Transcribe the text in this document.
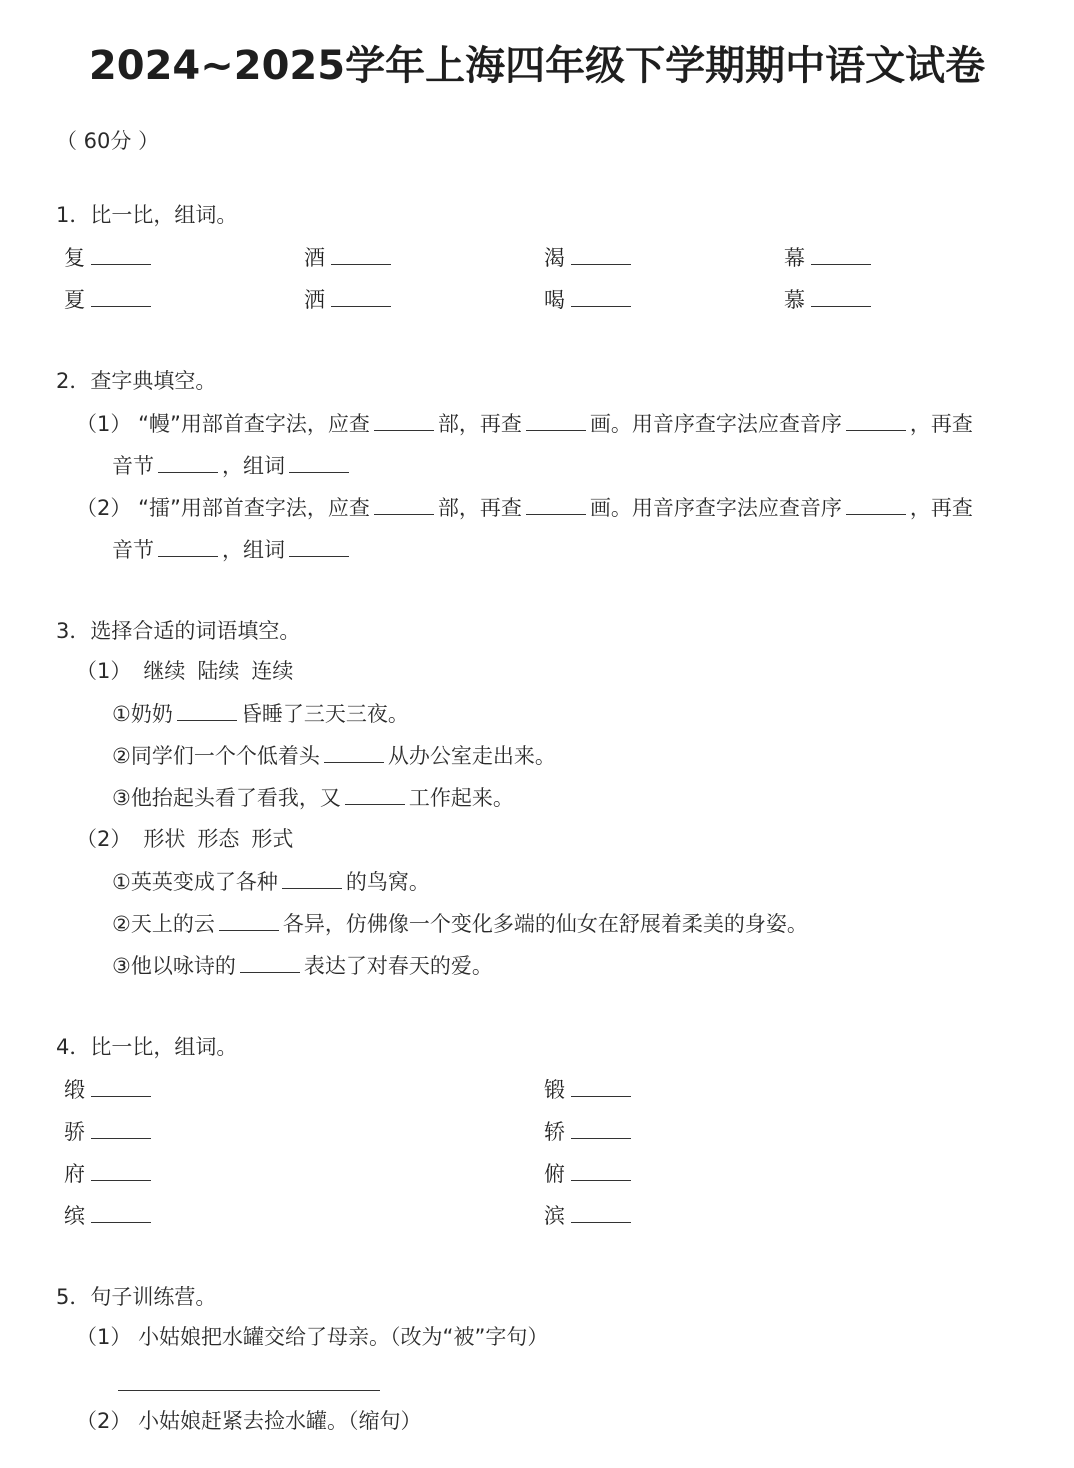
2024~2025学年上海四年级下学期期中语文试卷
（ 60分 ）
1．比一比，组词。
复	酒	渴	幕
夏	洒	喝	慕
2．查字典填空。
（1） “幔”用部首查字法，应查	部，再查	画。用音序查字法应查音序	，再查
音节	，组词
（2） “擂”用部首查字法，应查	部，再查	画。用音序查字法应查音序	，再查
音节	，组词
3．选择合适的词语填空。
（1） 继续 陆续 连续
①奶奶	昏睡了三天三夜。
②同学们一个个低着头	从办公室走出来。
③他抬起头看了看我，又	工作起来。
（2） 形状 形态 形式
①英英变成了各种	的鸟窝。
②天上的云	各异，仿佛像一个变化多端的仙女在舒展着柔美的身姿。
③他以咏诗的	表达了对春天的爱。
4．比一比，组词。
缎	锻
骄	轿
府	俯
缤	滨
5．句子训练营。
（1） 小姑娘把水罐交给了母亲。（改为“被”字句）
（2） 小姑娘赶紧去捡水罐。（缩句）
